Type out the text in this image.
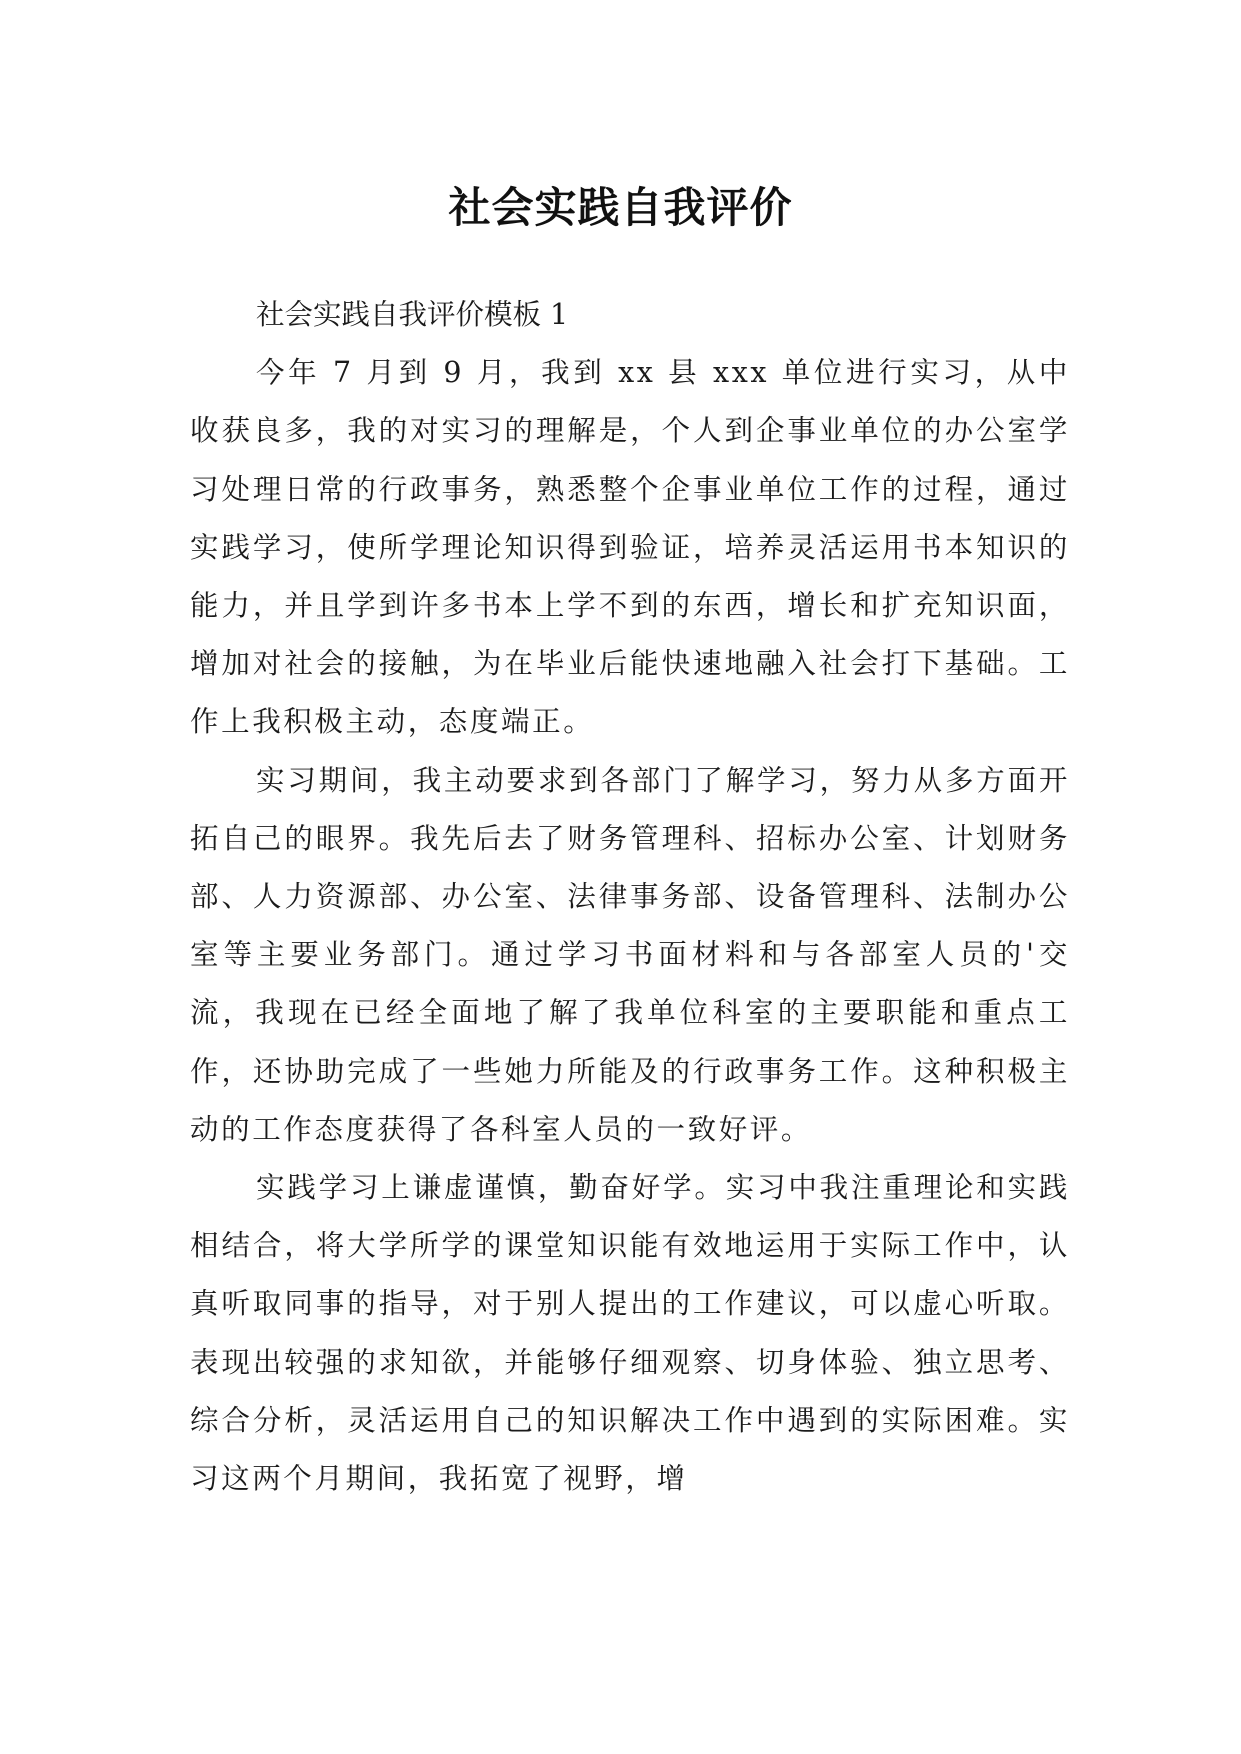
社会实践自我评价

社会实践自我评价模板 1

今年 7 月到 9 月，我到 xx 县 xxx 单位进行实习，从中收获良多，我的对实习的理解是，个人到企事业单位的办公室学习处理日常的行政事务，熟悉整个企事业单位工作的过程，通过实践学习，使所学理论知识得到验证，培养灵活运用书本知识的能力，并且学到许多书本上学不到的东西，增长和扩充知识面，增加对社会的接触，为在毕业后能快速地融入社会打下基础。工作上我积极主动，态度端正。

实习期间，我主动要求到各部门了解学习，努力从多方面开拓自己的眼界。我先后去了财务管理科、招标办公室、计划财务部、人力资源部、办公室、法律事务部、设备管理科、法制办公室等主要业务部门。通过学习书面材料和与各部室人员的'交流，我现在已经全面地了解了我单位科室的主要职能和重点工作，还协助完成了一些她力所能及的行政事务工作。这种积极主动的工作态度获得了各科室人员的一致好评。

实践学习上谦虚谨慎，勤奋好学。实习中我注重理论和实践相结合，将大学所学的课堂知识能有效地运用于实际工作中，认真听取同事的指导，对于别人提出的工作建议，可以虚心听取。表现出较强的求知欲，并能够仔细观察、切身体验、独立思考、综合分析，灵活运用自己的知识解决工作中遇到的实际困难。实习这两个月期间，我拓宽了视野，增
